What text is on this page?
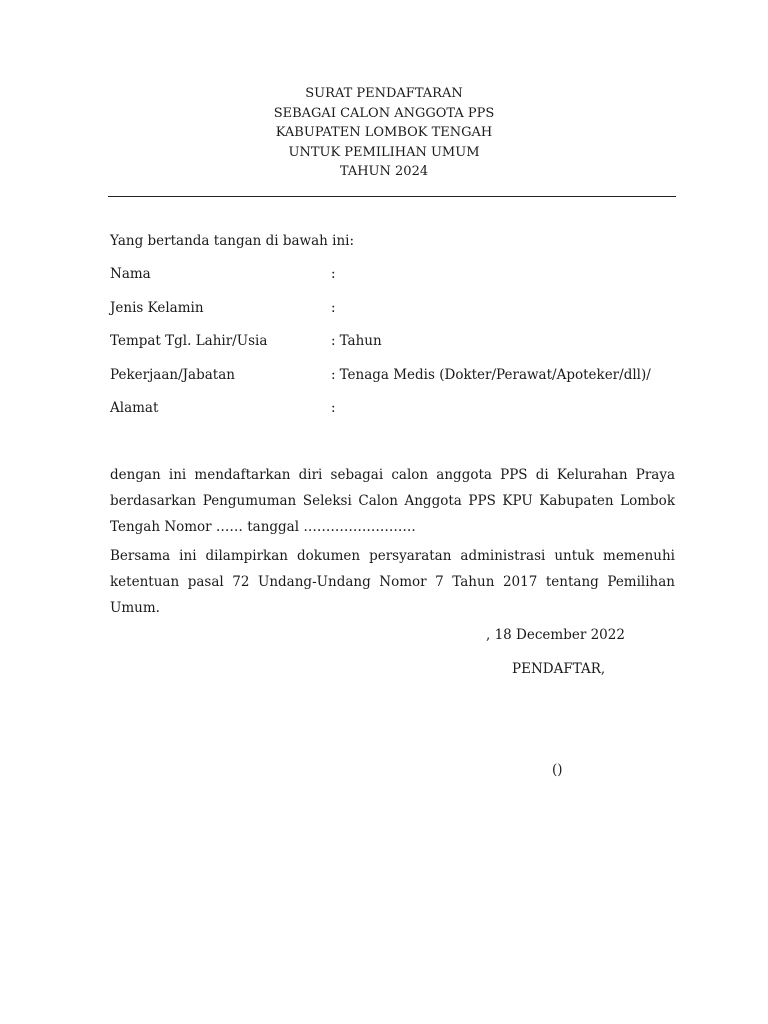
SURAT PENDAFTARAN
SEBAGAI CALON ANGGOTA PPS
KABUPATEN LOMBOK TENGAH
UNTUK PEMILIHAN UMUM
TAHUN 2024
Yang bertanda tangan di bawah ini:
Nama	:
Jenis Kelamin	:
Tempat Tgl. Lahir/Usia	: Tahun
Pekerjaan/Jabatan	: Tenaga Medis (Dokter/Perawat/Apoteker/dll)/
Alamat	:
dengan ini mendaftarkan diri sebagai calon anggota PPS di Kelurahan Praya berdasarkan Pengumuman Seleksi Calon Anggota PPS KPU Kabupaten Lombok Tengah Nomor …… tanggal …………………….
Bersama ini dilampirkan dokumen persyaratan administrasi untuk memenuhi ketentuan pasal 72 Undang-Undang Nomor 7 Tahun 2017 tentang Pemilihan Umum.
, 18 December 2022
PENDAFTAR,
()
